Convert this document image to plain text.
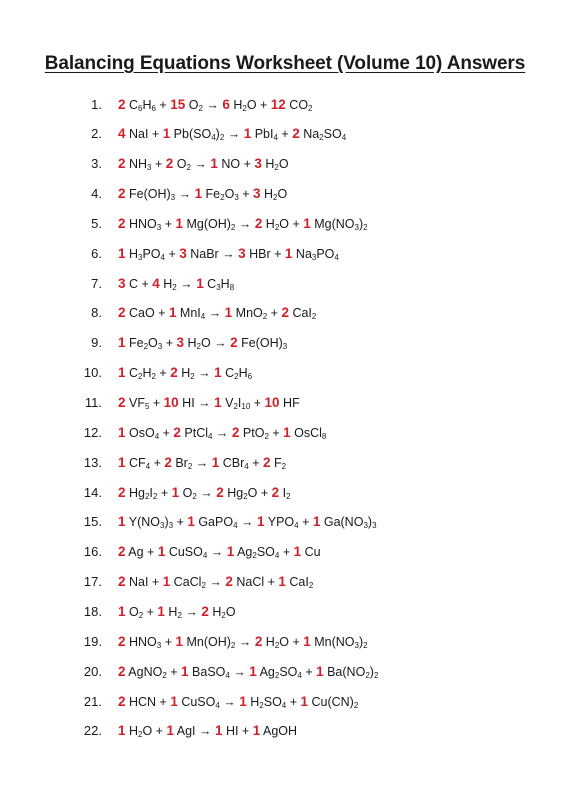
Balancing Equations Worksheet (Volume 10) Answers
1. 2 $C_6H_6 + 15$ $O_2 \to 6$ $H_2O + 12$ $CO_2$
2. 4 NaI + 1 $Pb(SO_4)_2 \to 1$ PbI$_4$ + 2 $Na_2SO_4$
3. 2 $NH_3 + 2$ $O_2 \to 1$ NO + 3 $H_2O$
4. 2 $Fe(OH)_3 \to 1$ $Fe_2O_3 + 3$ $H_2O$
5. 2 $HNO_3 + 1$ $Mg(OH)_2 \to 2$ $H_2O + 1$ $Mg(NO_3)_2$
6. 1 $H_3PO_4 + 3$ NaBr → 3 HBr + 1 $Na_3PO_4$
7. 3 C + 4 $H_2 \to 1$ $C_3H_8$
8. 2 CaO + 1 MnI$_4$ → 1 MnO$_2$ + 2 CaI$_2$
9. 1 $Fe_2O_3 + 3$ $H_2O \to 2$ $Fe(OH)_3$
10. 1 $C_2H_2 + 2$ $H_2 \to 1$ $C_2H_6$
11. 2 $VF_5 + 10$ HI → 1 $V_2I_{10} + 10$ HF
12. 1 OsO$_4$ + 2 PtCl$_4$ → 2 PtO$_2$ + 1 OsCl$_8$
13. 1 $CF_4 + 2$ $Br_2 \to 1$ CBr$_4$ + 2 $F_2$
14. 2 $Hg_2I_2 + 1$ $O_2 \to 2$ $Hg_2O + 2$ $I_2$
15. 1 $Y(NO_3)_3 + 1$ GaPO$_4$ → 1 $YPO_4 + 1$ $Ga(NO_3)_3$
16. 2 Ag + 1 CuSO$_4$ → 1 $Ag_2SO_4 + 1$ Cu
17. 2 NaI + 1 CaCl$_2$ → 2 NaCl + 1 CaI$_2$
18. 1 $O_2 + 1$ $H_2 \to 2$ $H_2O$
19. 2 $HNO_3 + 1$ $Mn(OH)_2 \to 2$ $H_2O + 1$ $Mn(NO_3)_2$
20. 2 AgNO$_2$ + 1 BaSO$_4$ → 1 $Ag_2SO_4 + 1$ $Ba(NO_2)_2$
21. 2 HCN + 1 CuSO$_4$ → 1 $H_2SO_4 + 1$ $Cu(CN)_2$
22. 1 $H_2O + 1$ AgI → 1 HI + 1 AgOH
